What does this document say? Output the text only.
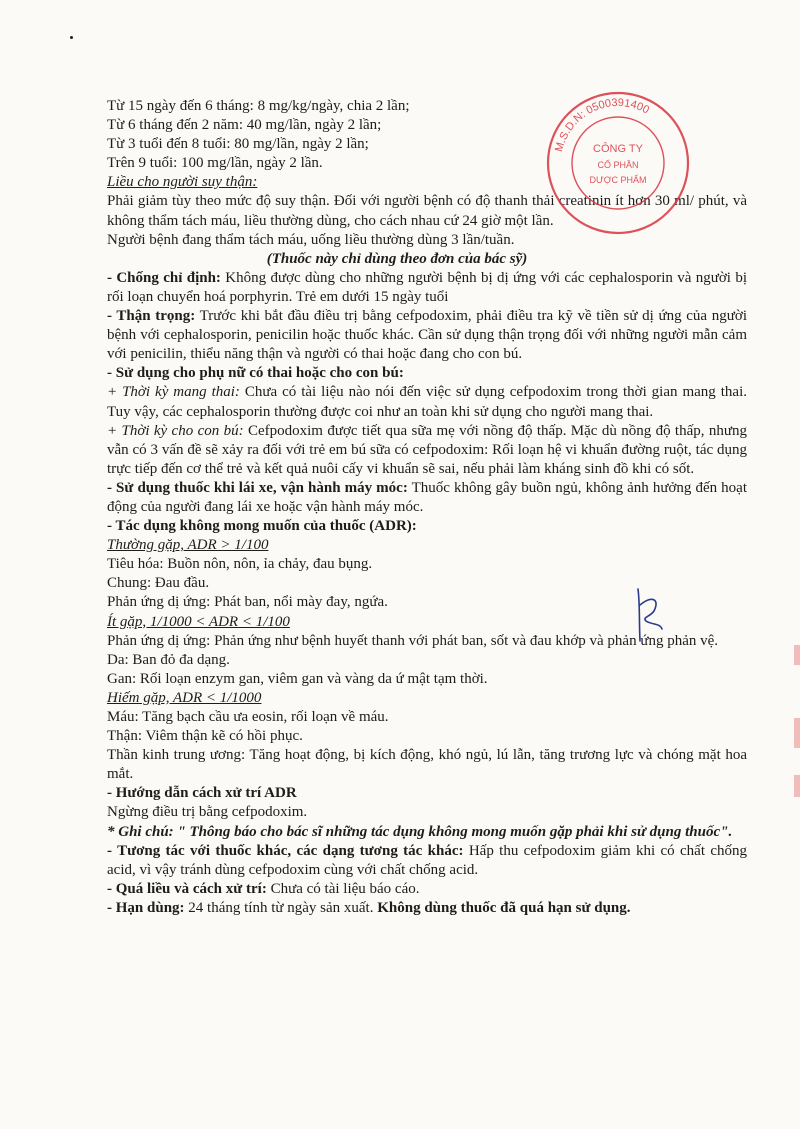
Từ 15 ngày đến 6 tháng: 8 mg/kg/ngày, chia 2 lần;

Từ 6 tháng đến 2 năm: 40 mg/lần, ngày 2 lần;

Từ 3 tuổi đến 8 tuổi: 80 mg/lần, ngày 2 lần;

Trên 9 tuổi: 100 mg/lần, ngày 2 lần.

Liều cho người suy thận:

Phải giảm tùy theo mức độ suy thận. Đối với người bệnh có độ thanh thải creatinin ít hơn 30 ml/ phút, và không thẩm tách máu, liều thường dùng, cho cách nhau cứ 24 giờ một lần.

Người bệnh đang thẩm tách máu, uống liều thường dùng 3 lần/tuần.

(Thuốc này chỉ dùng theo đơn của bác sỹ)

- Chống chỉ định: Không được dùng cho những người bệnh bị dị ứng với các cephalosporin và người bị rối loạn chuyển hoá porphyrin. Trẻ em dưới 15 ngày tuổi

- Thận trọng: Trước khi bắt đầu điều trị bằng cefpodoxim, phải điều tra kỹ về tiền sử dị ứng của người bệnh với cephalosporin, penicilin hoặc thuốc khác. Cần sử dụng thận trọng đối với những người mẫn cảm với penicilin, thiểu năng thận và người có thai hoặc đang cho con bú.

- Sử dụng cho phụ nữ có thai hoặc cho con bú:

+ Thời kỳ mang thai: Chưa có tài liệu nào nói đến việc sử dụng cefpodoxim trong thời gian mang thai. Tuy vậy, các cephalosporin thường được coi như an toàn khi sử dụng cho người mang thai.

+ Thời kỳ cho con bú: Cefpodoxim được tiết qua sữa mẹ với nồng độ thấp. Mặc dù nồng độ thấp, nhưng vẫn có 3 vấn đề sẽ xảy ra đối với trẻ em bú sữa có cefpodoxim: Rối loạn hệ vi khuẩn đường ruột, tác dụng trực tiếp đến cơ thể trẻ và kết quả nuôi cấy vi khuẩn sẽ sai, nếu phải làm kháng sinh đồ khi có sốt.

- Sử dụng thuốc khi lái xe, vận hành máy móc: Thuốc không gây buồn ngủ, không ảnh hưởng đến hoạt động của người đang lái xe hoặc vận hành máy móc.

- Tác dụng không mong muốn của thuốc (ADR):

Thường gặp, ADR > 1/100

Tiêu hóa: Buồn nôn, nôn, ỉa chảy, đau bụng.

Chung: Đau đầu.

Phản ứng dị ứng: Phát ban, nổi mày đay, ngứa.

Ít gặp, 1/1000 < ADR < 1/100

Phản ứng dị ứng: Phản ứng như bệnh huyết thanh với phát ban, sốt và đau khớp và phản ứng phản vệ.

Da: Ban đỏ đa dạng.

Gan: Rối loạn enzym gan, viêm gan và vàng da ứ mật tạm thời.

Hiếm gặp, ADR < 1/1000

Máu: Tăng bạch cầu ưa eosin, rối loạn về máu.

Thận: Viêm thận kẽ có hồi phục.

Thần kinh trung ương: Tăng hoạt động, bị kích động, khó ngủ, lú lẫn, tăng trương lực và chóng mặt hoa mắt.

- Hướng dẫn cách xử trí ADR

Ngừng điều trị bằng cefpodoxim.

* Ghi chú: " Thông báo cho bác sĩ những tác dụng không mong muốn gặp phải khi sử dụng thuốc".

- Tương tác với thuốc khác, các dạng tương tác khác: Hấp thu cefpodoxim giảm khi có chất chống acid, vì vậy tránh dùng cefpodoxim cùng với chất chống acid.

- Quá liều và cách xử trí: Chưa có tài liệu báo cáo.

- Hạn dùng: 24 tháng tính từ ngày sản xuất. Không dùng thuốc đã quá hạn sử dụng.

M.S.D.N: 0500391400
CÔNG TY
CỔ PHẦN
DƯỢC PHẨM
